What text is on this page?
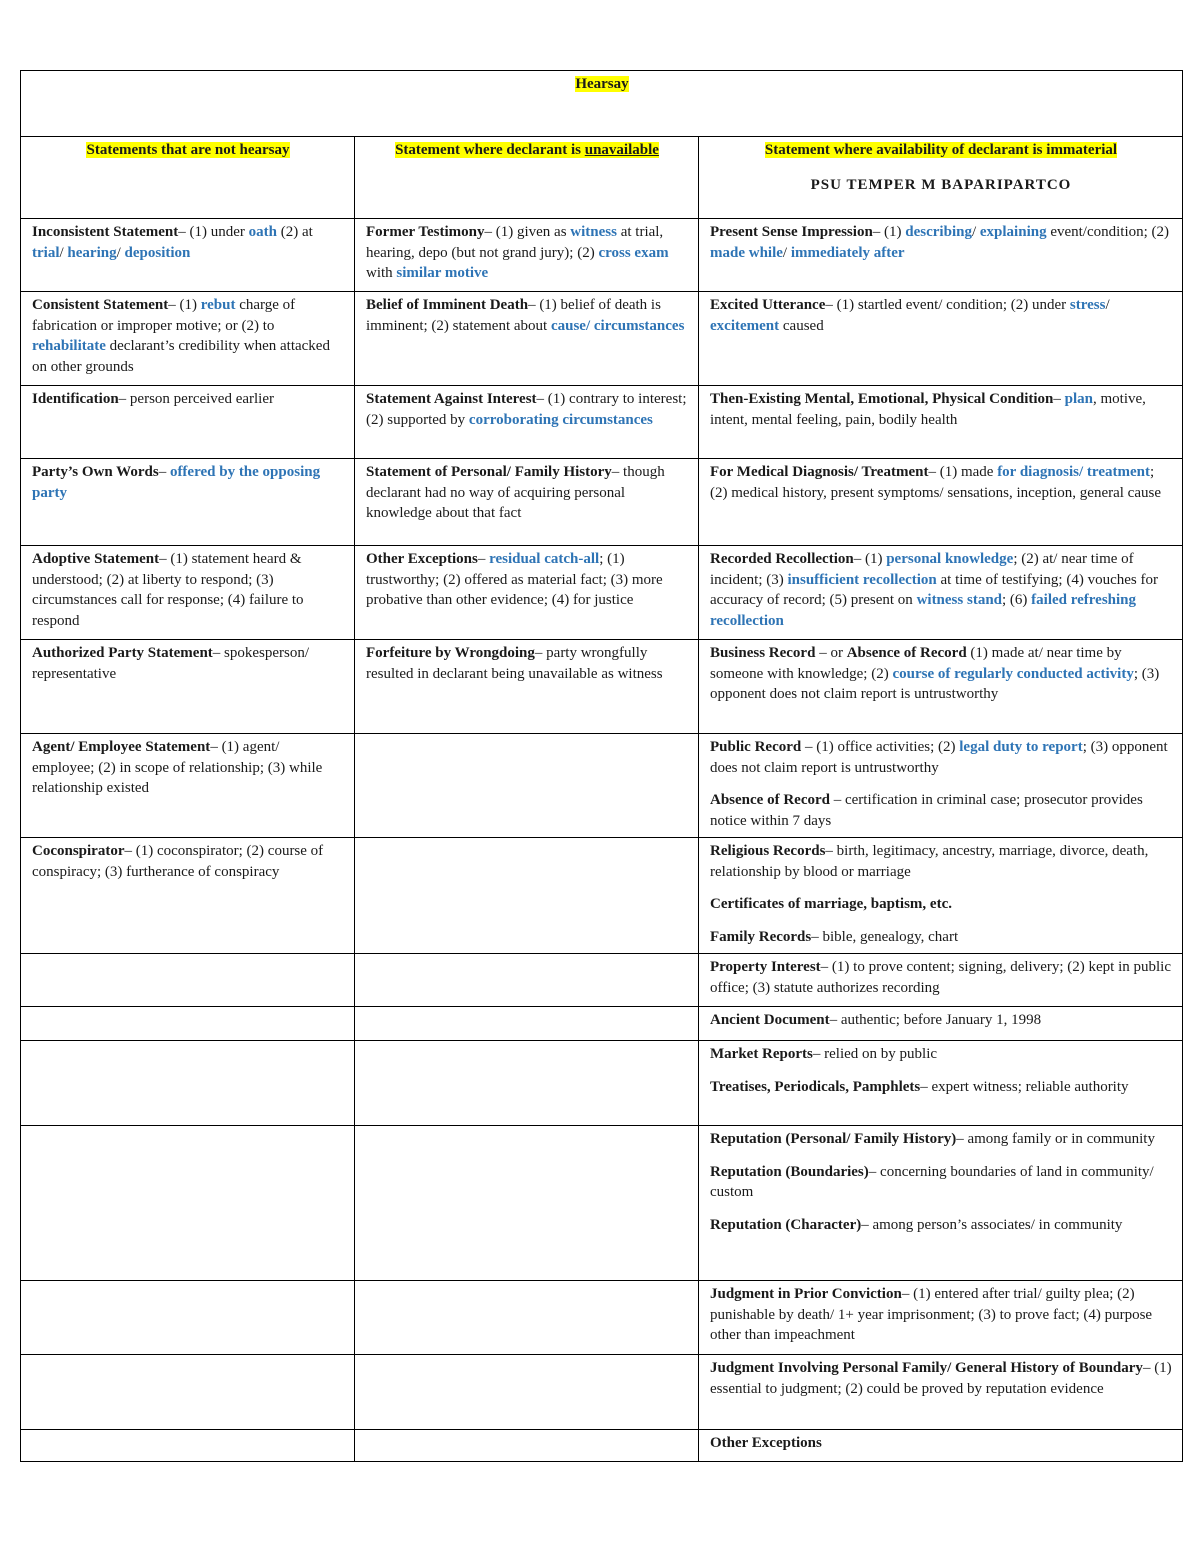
Hearsay		
Statements that are not hearsay	Statement where declarant is unavailable	Statement where availability of declarant is immaterial
PSU TEMPER M BAPARIPARTCO

Inconsistent Statement– (1) under oath (2) at trial/ hearing/ deposition	Former Testimony– (1) given as witness at trial, hearing, depo (but not grand jury); (2) cross exam with similar motive	Present Sense Impression– (1) describing/ explaining event/condition; (2) made while/ immediately after

Consistent Statement– (1) rebut charge of fabrication or improper motive; or (2) to rehabilitate declarant’s credibility when attacked on other grounds	Belief of Imminent Death– (1) belief of death is imminent; (2) statement about cause/ circumstances	Excited Utterance– (1) startled event/ condition; (2) under stress/ excitement caused

Identification– person perceived earlier	Statement Against Interest– (1) contrary to interest; (2) supported by corroborating circumstances	Then-Existing Mental, Emotional, Physical Condition– plan, motive, intent, mental feeling, pain, bodily health

Party’s Own Words– offered by the opposing party	Statement of Personal/ Family History– though declarant had no way of acquiring personal knowledge about that fact	For Medical Diagnosis/ Treatment– (1) made for diagnosis/ treatment; (2) medical history, present symptoms/ sensations, inception, general cause

Adoptive Statement– (1) statement heard & understood; (2) at liberty to respond; (3) circumstances call for response; (4) failure to respond	Other Exceptions– residual catch-all; (1) trustworthy; (2) offered as material fact; (3) more probative than other evidence; (4) for justice	Recorded Recollection– (1) personal knowledge; (2) at/ near time of incident; (3) insufficient recollection at time of testifying; (4) vouches for accuracy of record; (5) present on witness stand; (6) failed refreshing recollection

Authorized Party Statement– spokesperson/ representative	Forfeiture by Wrongdoing– party wrongfully resulted in declarant being unavailable as witness	Business Record – or Absence of Record (1) made at/ near time by someone with knowledge; (2) course of regularly conducted activity; (3) opponent does not claim report is untrustworthy

Agent/ Employee Statement– (1) agent/ employee; (2) in scope of relationship; (3) while relationship existed		Public Record – (1) office activities; (2) legal duty to report; (3) opponent does not claim report is untrustworthy
Absence of Record – certification in criminal case; prosecutor provides notice within 7 days

Coconspirator– (1) coconspirator; (2) course of conspiracy; (3) furtherance of conspiracy		Religious Records– birth, legitimacy, ancestry, marriage, divorce, death, relationship by blood or marriage
Certificates of marriage, baptism, etc.
Family Records– bible, genealogy, chart

		Property Interest– (1) to prove content; signing, delivery; (2) kept in public office; (3) statute authorizes recording

		Ancient Document– authentic; before January 1, 1998

		Market Reports– relied on by public
Treatises, Periodicals, Pamphlets– expert witness; reliable authority

		Reputation (Personal/ Family History)– among family or in community
Reputation (Boundaries)– concerning boundaries of land in community/ custom
Reputation (Character)– among person’s associates/ in community

		Judgment in Prior Conviction– (1) entered after trial/ guilty plea; (2) punishable by death/ 1+ year imprisonment; (3) to prove fact; (4) purpose other than impeachment

		Judgment Involving Personal Family/ General History of Boundary– (1) essential to judgment; (2) could be proved by reputation evidence

		Other Exceptions
